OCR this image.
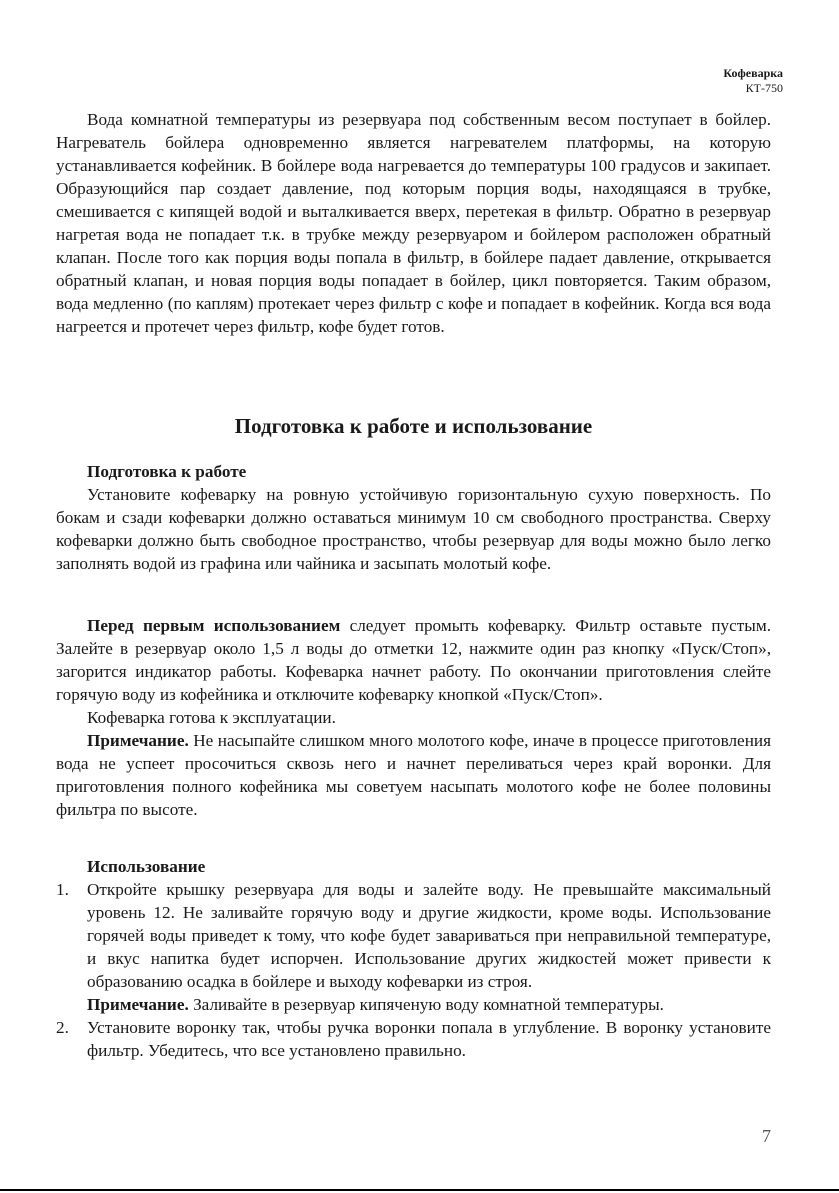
Кофеварка
КТ-750

Вода комнатной температуры из резервуара под собственным весом поступает в бойлер. Нагреватель бойлера одновременно является нагревателем платформы, на которую устанавливается кофейник. В бойлере вода нагревается до температуры 100 градусов и закипает. Образующийся пар создает давление, под которым порция воды, находящаяся в трубке, смешивается с кипящей водой и выталкивается вверх, перетекая в фильтр. Обратно в резервуар нагретая вода не попадает т.к. в трубке между резервуаром и бойлером расположен обратный клапан. После того как порция воды попала в фильтр, в бойлере падает давление, открывается обратный клапан, и новая порция воды попадает в бойлер, цикл повторяется. Таким образом, вода медленно (по каплям) протекает через фильтр с кофе и попадает в кофейник. Когда вся вода нагреется и протечет через фильтр, кофе будет готов.

Подготовка к работе и использование

Подготовка к работе

Установите кофеварку на ровную устойчивую горизонтальную сухую поверхность. По бокам и сзади кофеварки должно оставаться минимум 10 см свободного пространства. Сверху кофеварки должно быть свободное пространство, чтобы резервуар для воды можно было легко заполнять водой из графина или чайника и засыпать молотый кофе.

Перед первым использованием следует промыть кофеварку. Фильтр оставьте пустым. Залейте в резервуар около 1,5 л воды до отметки 12, нажмите один раз кнопку «Пуск/Стоп», загорится индикатор работы. Кофеварка начнет работу. По окончании приготовления слейте горячую воду из кофейника и отключите кофеварку кнопкой «Пуск/Стоп».

Кофеварка готова к эксплуатации.

Примечание. Не насыпайте слишком много молотого кофе, иначе в процессе приготовления вода не успеет просочиться сквозь него и начнет переливаться через край воронки. Для приготовления полного кофейника мы советуем насыпать молотого кофе не более половины фильтра по высоте.

Использование

1. Откройте крышку резервуара для воды и залейте воду. Не превышайте максимальный уровень 12. Не заливайте горячую воду и другие жидкости, кроме воды. Использование горячей воды приведет к тому, что кофе будет завариваться при неправильной температуре, и вкус напитка будет испорчен. Использование других жидкостей может привести к образованию осадка в бойлере и выходу кофеварки из строя.

Примечание. Заливайте в резервуар кипяченую воду комнатной температуры.

2. Установите воронку так, чтобы ручка воронки попала в углубление. В воронку установите фильтр. Убедитесь, что все установлено правильно.

7
